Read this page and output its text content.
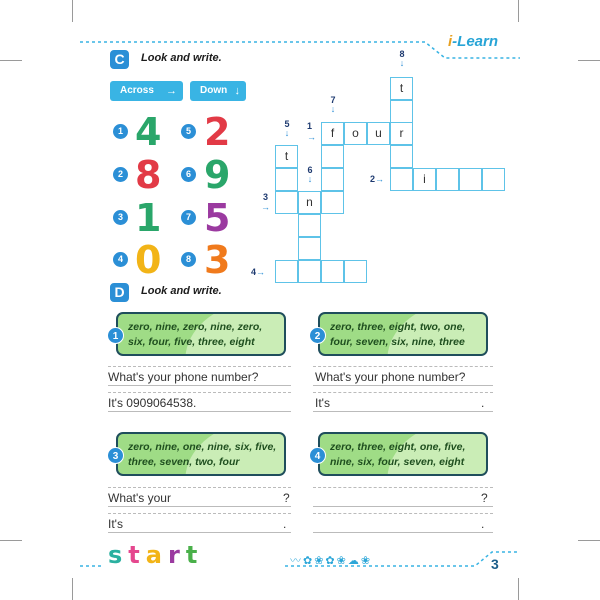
i-Learn
C	Look and write.
Across →	Down ↓
1 4
2 8
3 1
4 0
5 2
6 9
7 5
8 3
t
r
f	o	u
i
t
n
8
↓
7
↓
5
↓
6
↓
1
→
2→
3
→
4→
D	Look and write.
zero, nine, zero, nine, zero, six, four, five, three, eight
1
zero, three, eight, two, one, four, seven, six, nine, three
2
What's your phone number?
It's 0909064538.
What's your phone number?
It's	.
zero, nine, one, nine, six, five, three, seven, two, four
3
zero, three, eight, one, five, nine, six, four, seven, eight
4
What's your	?
It's	.
?
.
start	〰✿❀✿❀☁❀	3
